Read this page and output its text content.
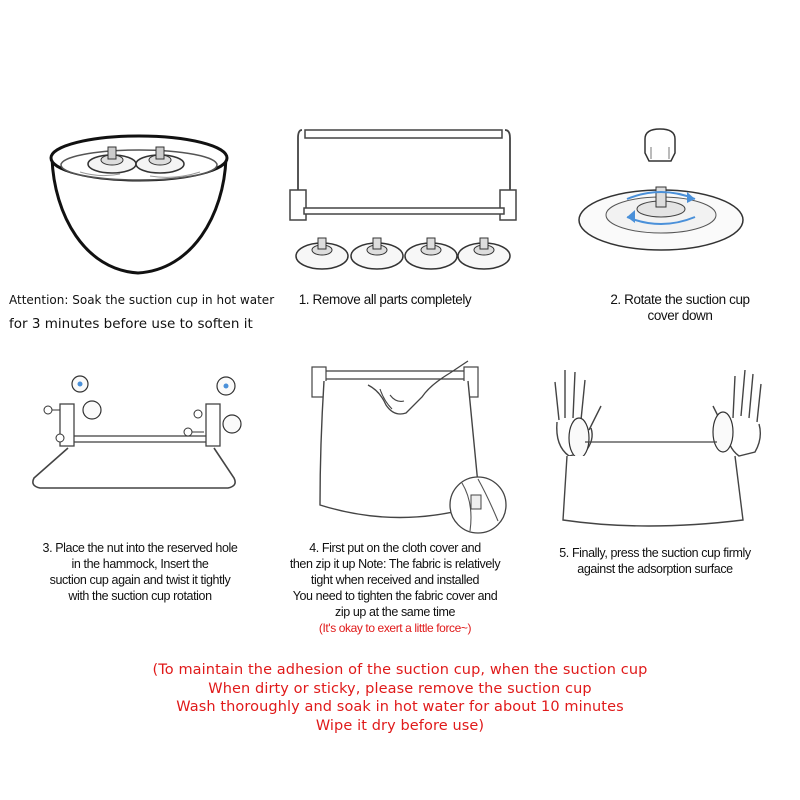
Attention: Soak the suction cup in hot water
for 3 minutes before use to soften it
1. Remove all parts completely	2. Rotate the suction cup
cover down
3. Place the nut into the reserved hole
in the hammock, Insert the
suction cup again and twist it tightly
with the suction cup rotation
4. First put on the cloth cover and
then zip it up Note: The fabric is relatively
tight when received and installed
You need to tighten the fabric cover and
zip up at the same time
(It's okay to exert a little force~)
5. Finally, press the suction cup firmly
against the adsorption surface
(To maintain the adhesion of the suction cup, when the suction cup
When dirty or sticky, please remove the suction cup
Wash thoroughly and soak in hot water for about 10 minutes
Wipe it dry before use)
